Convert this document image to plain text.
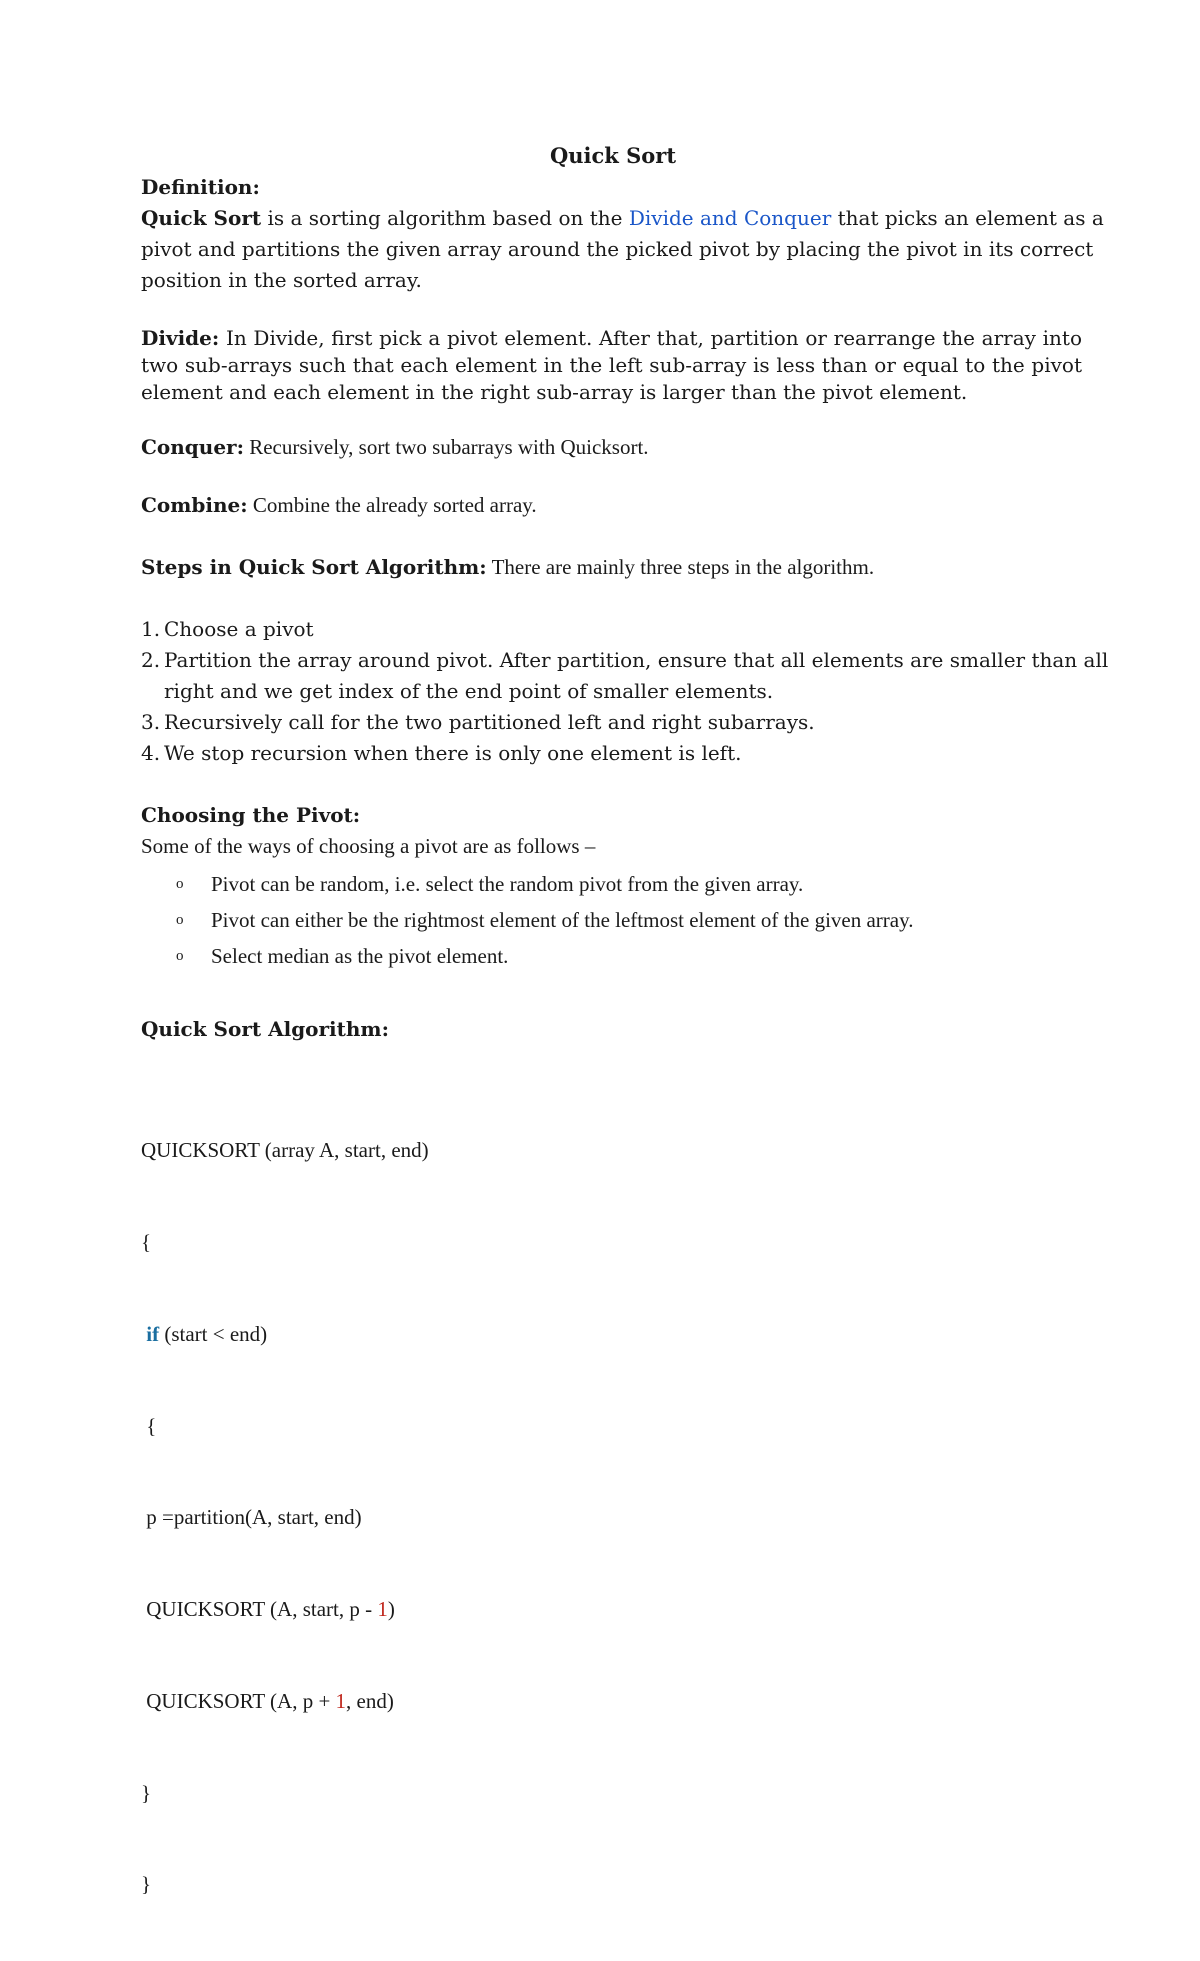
Quick Sort
Definition:
Quick Sort is a sorting algorithm based on the Divide and Conquer that picks an element as a
pivot and partitions the given array around the picked pivot by placing the pivot in its correct
position in the sorted array.
Divide: In Divide, first pick a pivot element. After that, partition or rearrange the array into two sub-arrays such that each element in the left sub-array is less than or equal to the pivot element and each element in the right sub-array is larger than the pivot element.
Conquer: Recursively, sort two subarrays with Quicksort.
Combine: Combine the already sorted array.
Steps in Quick Sort Algorithm: There are mainly three steps in the algorithm.
1. Choose a pivot
2. Partition the array around pivot. After partition, ensure that all elements are smaller than all
right and we get index of the end point of smaller elements.
3. Recursively call for the two partitioned left and right subarrays.
4. We stop recursion when there is only one element is left.
Choosing the Pivot:
Some of the ways of choosing a pivot are as follows –
o Pivot can be random, i.e. select the random pivot from the given array.
o Pivot can either be the rightmost element of the leftmost element of the given array.
o Select median as the pivot element.
Quick Sort Algorithm:

QUICKSORT (array A, start, end)

{

if (start < end)

{

p =partition(A, start, end)

QUICKSORT (A, start, p - 1)

QUICKSORT (A, p + 1, end)

}

}
